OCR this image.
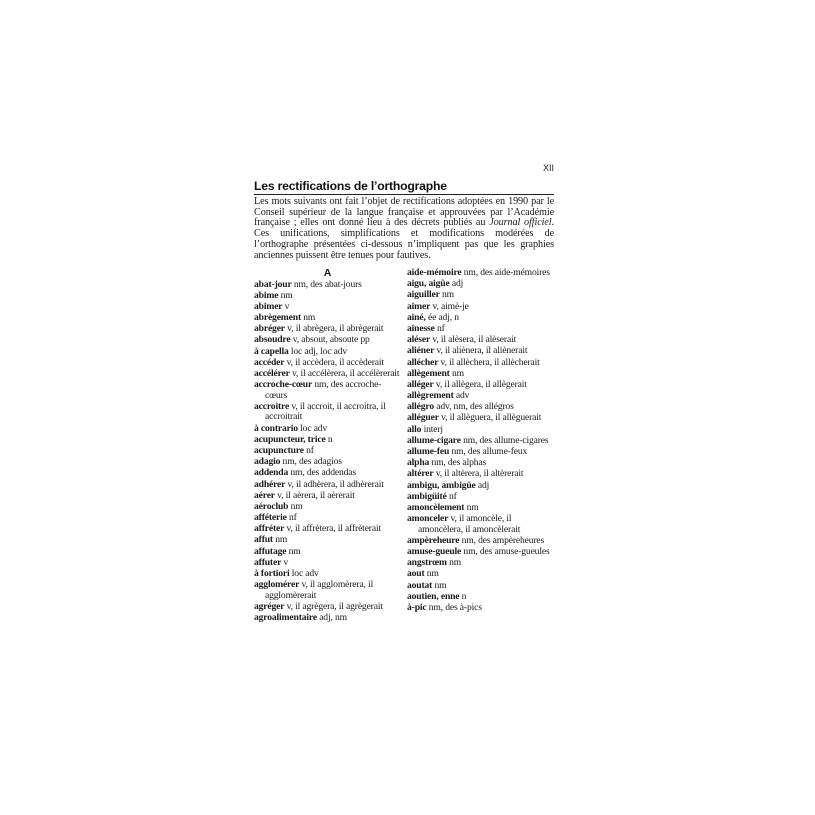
XII
Les rectifications de l’orthographe

Les mots suivants ont fait l’objet de rectifications adoptées en 1990 par le Conseil supérieur de la langue française et approuvées par l’Académie française ; elles ont donné lieu à des décrets publiés au Journal officiel. Ces unifications, simplifications et modifications modérées de l’orthographe présentées ci-dessous n’impliquent pas que les graphies anciennes puissent être tenues pour fautives.

A
abat-jour nm, des abat-jours
abime nm
abimer v
abrègement nm
abréger v, il abrègera, il abrègerait
absoudre v, absout, absoute pp
à capella loc adj, loc adv
accéder v, il accèdera, il accèderait
accélérer v, il accélèrera, il accélèrerait
accroche-cœur nm, des accroche-cœurs
accroitre v, il accroit, il accroitra, il accroitrait
à contrario loc adv
acupuncteur, trice n
acupuncture nf
adagio nm, des adagios
addenda nm, des addendas
adhérer v, il adhèrera, il adhèrerait
aérer v, il aèrera, il aèrerait
aéroclub nm
afféterie nf
affréter v, il affrètera, il affrèterait
affut nm
affutage nm
affuter v
à fortiori loc adv
agglomérer v, il agglomèrera, il agglomèrerait
agréger v, il agrègera, il agrègerait
agroalimentaire adj, nm
aide-mémoire nm, des aide-mémoires
aigu, aigüe adj
aiguiller nm
aimer v, aimè-je
ainé, ée adj, n
ainesse nf
aléser v, il alèsera, il alèserait
aliéner v, il aliènera, il aliènerait
allécher v, il allèchera, il allècherait
allègement nm
alléger v, il allègera, il allègerait
allègrement adv
allégro adv, nm, des allégros
alléguer v, il allèguera, il allèguerait
allo interj
allume-cigare nm, des allume-cigares
allume-feu nm, des allume-feux
alpha nm, des alphas
altérer v, il altèrera, il altèrerait
ambigu, ambigüe adj
ambigüité nf
amoncèlement nm
amonceler v, il amoncèle, il amoncèlera, il amoncèlerait
ampèreheure nm, des ampèreheures
amuse-gueule nm, des amuse-gueules
angstrœm nm
aout nm
aoutat nm
aoutien, enne n
à-pic nm, des à-pics
